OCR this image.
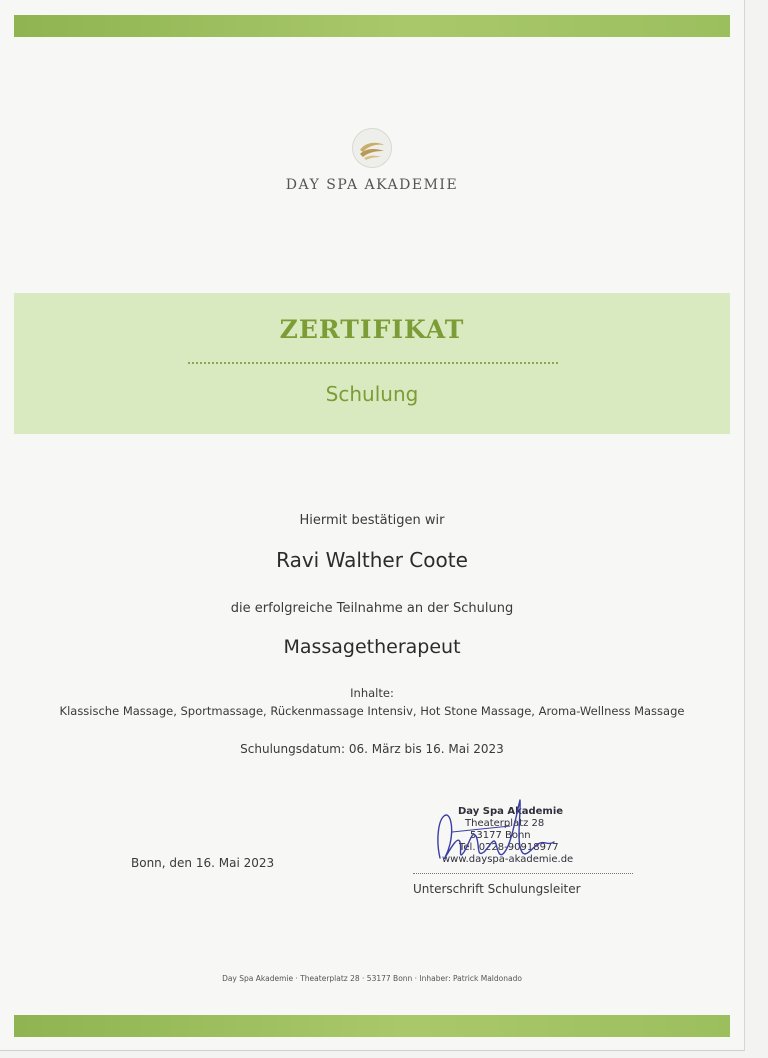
DAY SPA AKADEMIE
ZERTIFIKAT
Schulung
Hiermit bestätigen wir
Ravi Walther Coote
die erfolgreiche Teilnahme an der Schulung
Massagetherapeut
Inhalte:
Klassische Massage, Sportmassage, Rückenmassage Intensiv, Hot Stone Massage, Aroma-Wellness Massage
Schulungsdatum: 06. März bis 16. Mai 2023
Bonn, den 16. Mai 2023
Day Spa Akademie
Theaterplatz 28
53177 Bonn
Tel. 0228-90918977
www.dayspa-akademie.de
Unterschrift Schulungsleiter
Day Spa Akademie · Theaterplatz 28 · 53177 Bonn · Inhaber: Patrick Maldonado
